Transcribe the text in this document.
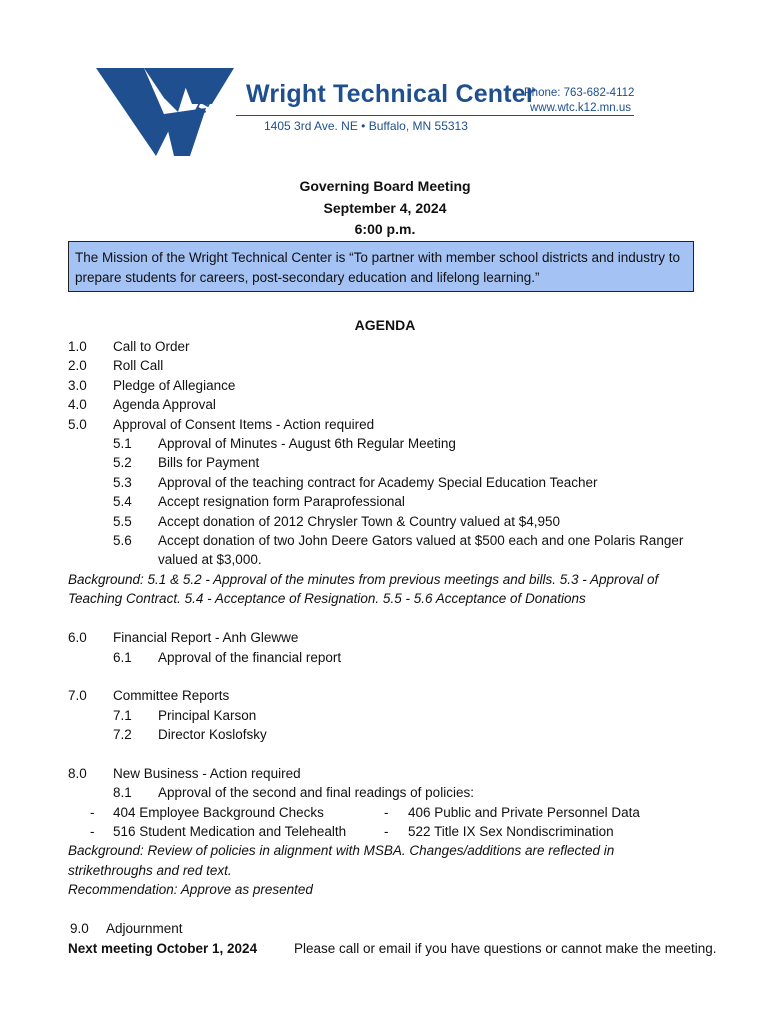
TECH Wright Technical Center
Phone: 763-682-4112
www.wtc.k12.mn.us
1405 3rd Ave. NE • Buffalo, MN 55313
Governing Board Meeting
September 4, 2024
6:00 p.m.
The Mission of the Wright Technical Center is “To partner with member school districts and industry to
prepare students for careers, post-secondary education and lifelong learning.”
AGENDA
1.0 Call to Order
2.0 Roll Call
3.0 Pledge of Allegiance
4.0 Agenda Approval
5.0 Approval of Consent Items - Action required
5.1 Approval of Minutes - August 6th Regular Meeting
5.2 Bills for Payment
5.3 Approval of the teaching contract for Academy Special Education Teacher
5.4 Accept resignation form Paraprofessional
5.5 Accept donation of 2012 Chrysler Town & Country valued at $4,950
5.6 Accept donation of two John Deere Gators valued at $500 each and one Polaris Ranger
valued at $3,000.
Background: 5.1 & 5.2 - Approval of the minutes from previous meetings and bills. 5.3 - Approval of
Teaching Contract. 5.4 - Acceptance of Resignation. 5.5 - 5.6 Acceptance of Donations
6.0 Financial Report - Anh Glewwe
6.1 Approval of the financial report
7.0 Committee Reports
7.1 Principal Karson
7.2 Director Koslofsky
8.0 New Business - Action required
8.1 Approval of the second and final readings of policies:
- 404 Employee Background Checks	- 406 Public and Private Personnel Data
- 516 Student Medication and Telehealth	- 522 Title IX Sex Nondiscrimination
Background: Review of policies in alignment with MSBA. Changes/additions are reflected in
strikethroughs and red text.
Recommendation: Approve as presented
9.0 Adjournment
Next meeting October 1, 2024	Please call or email if you have questions or cannot make the meeting.
